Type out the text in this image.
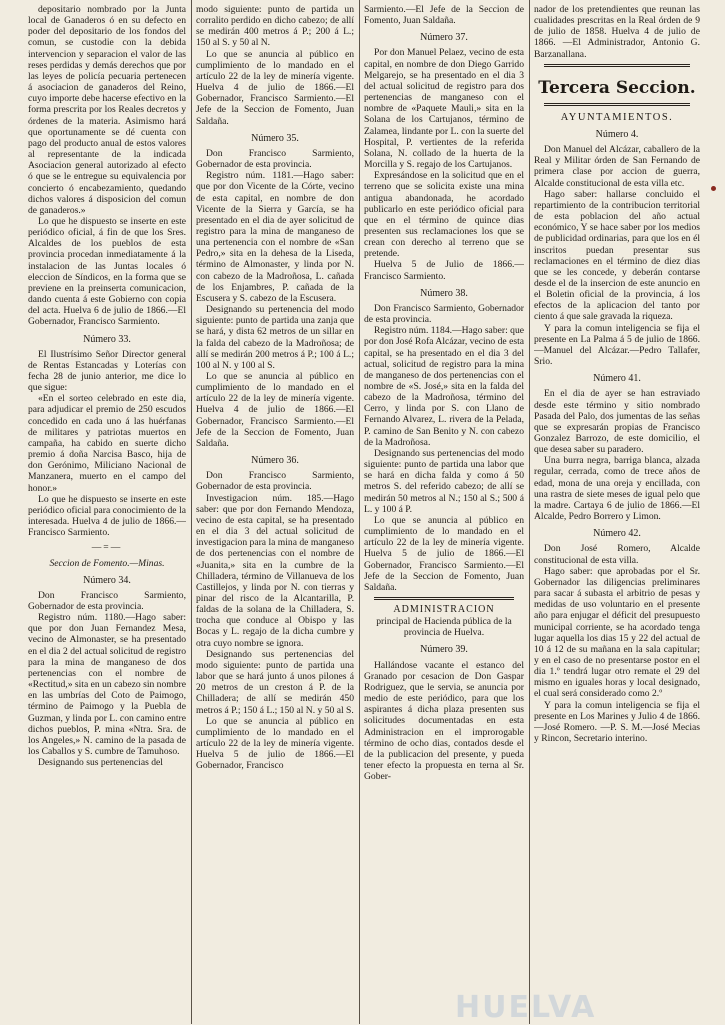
depositario nombrado por la Junta local de Ganaderos ó en su defecto en poder del depositario de los fondos del comun, se custodie con la debida intervencion y separacion el valor de las reses perdidas y demás derechos que por las leyes de policía pecuaria pertenecen á asociacion de ganaderos del Reino, cuyo importe debe hacerse efectivo en la forma prescrita por los Reales decretos y órdenes de la materia. Asimismo hará que oportunamente se dé cuenta con pago del producto anual de estos valores al representante de la indicada Asociacion general autorizado al efecto ó que se le entregue su equivalencia por concierto ó encabezamiento, quedando dichos valores á disposicion del comun de ganaderos.»

Lo que he dispuesto se inserte en este periódico oficial, á fin de que los Sres. Alcaldes de los pueblos de esta provincia procedan inmediatamente á la instalacion de las Juntas locales ó eleccion de Síndicos, en la forma que se previene en la preinserta comunicacion, dando cuenta á este Gobierno con copia del acta. Huelva 6 de julio de 1866.—El Gobernador, Francisco Sarmiento.

Número 33.

El Ilustrísimo Señor Director general de Rentas Estancadas y Loterías con fecha 28 de junio anterior, me dice lo que sigue:

«En el sorteo celebrado en este dia, para adjudicar el premio de 250 escudos concedido en cada uno á las huérfanas de militares y patriotas muertos en campaña, ha cabido en suerte dicho premio á doña Narcisa Basco, hija de don Gerónimo, Miliciano Nacional de Manzanera, muerto en el campo del honor.»

Lo que he dispuesto se inserte en este periódico oficial para conocimiento de la interesada. Huelva 4 de julio de 1866.—Francisco Sarmiento.

—=—

Seccion de Fomento.—Minas.

Número 34.

Don Francisco Sarmiento, Gobernador de esta provincia.

Registro núm. 1180.—Hago saber: que por don Juan Fernandez Mesa, vecino de Almonaster, se ha presentado en el dia 2 del actual solicitud de registro para la mina de manganeso de dos pertenencias con el nombre de «Rectitud,» sita en un cabezo sin nombre en las umbrías del Coto de Paimogo, término de Paimogo y la Puebla de Guzman, y linda por L. con camino entre dichos pueblos, P. mina «Ntra. Sra. de los Angeles,» N. camino de la pasada de los Caballos y S. cumbre de Tamuhoso.

Designando sus pertenencias del

modo siguiente: punto de partida un corralito perdido en dicho cabezo; de allí se medirán 400 metros á P.; 200 á L.; 150 al S. y 50 al N.

Lo que se anuncia al público en cumplimiento de lo mandado en el artículo 22 de la ley de minería vigente. Huelva 4 de julio de 1866.—El Gobernador, Francisco Sarmiento.—El Jefe de la Seccion de Fomento, Juan Saldaña.

Número 35.

Don Francisco Sarmiento, Gobernador de esta provincia.

Registro núm. 1181.—Hago saber: que por don Vicente de la Córte, vecino de esta capital, en nombre de don Vicente de la Sierra y García, se ha presentado en el dia de ayer solicitud de registro para la mina de manganeso de una pertenencia con el nombre de «San Pedro,» sita en la dehesa de la Liseda, término de Almonaster, y linda por N. con cabezo de la Madroñosa, L. cañada de los Enjambres, P. cañada de la Escusera y S. cabezo de la Escusera.

Designando su pertenencia del modo siguiente: punto de partida una zanja que se hará, y dista 62 metros de un sillar en la falda del cabezo de la Madroñosa; de allí se medirán 200 metros á P.; 100 á L.; 100 al N. y 100 al S.

Lo que se anuncia al público en cumplimiento de lo mandado en el artículo 22 de la ley de minería vigente. Huelva 4 de julio de 1866.—El Gobernador, Francisco Sarmiento.—El Jefe de la Seccion de Fomento, Juan Saldaña.

Número 36.

Don Francisco Sarmiento, Gobernador de esta provincia.

Investigacion núm. 185.—Hago saber: que por don Fernando Mendoza, vecino de esta capital, se ha presentado en el dia 3 del actual solicitud de investigacion para la mina de manganeso de dos pertenencias con el nombre de «Juanita,» sita en la cumbre de la Chilladera, término de Villanueva de los Castillejos, y linda por N. con tierras y pinar del risco de la Alcantarilla, P. faldas de la solana de la Chilladera, S. trocha que conduce al Obispo y las Bocas y L. regajo de la dicha cumbre y otra cuyo nombre se ignora.

Designando sus pertenencias del modo siguiente: punto de partida una labor que se hará junto á unos pilones á 20 metros de un creston á P. de la Chilladera; de allí se medirán 450 metros á P.; 150 á L.; 150 al N. y 50 al S.

Lo que se anuncia al público en cumplimiento de lo mandado en el artículo 22 de la ley de minería vigente. Huelva 5 de julio de 1866.—El Gobernador, Francisco

Sarmiento.—El Jefe de la Seccion de Fomento, Juan Saldaña.

Número 37.

Por don Manuel Pelaez, vecino de esta capital, en nombre de don Diego Garrido Melgarejo, se ha presentado en el dia 3 del actual solicitud de registro para dos pertenencias de manganeso con el nombre de «Paquete Mauli,» sita en la Solana de los Cartujanos, término de Zalamea, lindante por L. con la suerte del Hospital, P. vertientes de la referida Solana, N. collado de la huerta de la Morcilla y S. regajo de los Cartujanos.

Expresándose en la solicitud que en el terreno que se solicita existe una mina antigua abandonada, he acordado publicarlo en este periódico oficial para que en el término de quince dias presenten sus reclamaciones los que se crean con derecho al terreno que se pretende.

Huelva 5 de Julio de 1866.— Francisco Sarmiento.

Número 38.

Don Francisco Sarmiento, Gobernador de esta provincia.

Registro núm. 1184.—Hago saber: que por don José Rofa Alcázar, vecino de esta capital, se ha presentado en el dia 3 del actual, solicitud de registro para la mina de manganeso de dos pertenencias con el nombre de «S. José,» sita en la falda del cabezo de la Madroñosa, término del Cerro, y linda por S. con Llano de Fernando Alvarez, L. rivera de la Pelada, P. camino de San Benito y N. con cabezo de la Madroñosa.

Designando sus pertenencias del modo siguiente: punto de partida una labor que se hará en dicha falda y como á 50 metros S. del referido cabezo; de allí se medirán 50 metros al N.; 150 al S.; 500 á L. y 100 á P.

Lo que se anuncia al público en cumplimiento de lo mandado en el artículo 22 de la ley de minería vigente. Huelva 5 de julio de 1866.—El Gobernador, Francisco Sarmiento.—El Jefe de la Seccion de Fomento, Juan Saldaña.

ADMINISTRACION

principal de Hacienda pública de la provincia de Huelva.

Número 39.

Hallándose vacante el estanco del Granado por cesacion de Don Gaspar Rodriguez, que le servia, se anuncia por medio de este periódico, para que los aspirantes á dicha plaza presenten sus solicitudes documentadas en esta Administracion en el improrogable término de ocho dias, contados desde el de la publicacion del presente, y pueda tener efecto la propuesta en terna al Sr. Gober-

nador de los pretendientes que reunan las cualidades prescritas en la Real órden de 9 de julio de 1858. Huelva 4 de julio de 1866. —El Administrador, Antonio G. Barzanallana.

Tercera Seccion.

AYUNTAMIENTOS.

Número 4.

Don Manuel del Alcázar, caballero de la Real y Militar órden de San Fernando de primera clase por accion de guerra, Alcalde constitucional de esta villa etc.

Hago saber: hallarse concluido el repartimiento de la contribucion territorial de esta poblacion del año actual económico, Y se hace saber por los medios de publicidad ordinarias, para que los en él inscritos puedan presentar sus reclamaciones en el término de diez dias que se les concede, y deberán contarse desde el de la insercion de este anuncio en el Boletin oficial de la provincia, á los efectos de la aplicacion del tanto por ciento á que sale gravada la riqueza.

Y para la comun inteligencia se fija el presente en La Palma á 5 de julio de 1866.—Manuel del Alcázar.—Pedro Tallafer, Srio.

Número 41.

En el dia de ayer se han estraviado desde este término y sitio nombrado Pasada del Palo, dos jumentas de las señas que se expresarán propias de Francisco Gonzalez Barrozo, de este domicilio, el que desea saber su paradero.

Una burra negra, barriga blanca, alzada regular, cerrada, como de trece años de edad, mona de una oreja y encillada, con una rastra de siete meses de igual pelo que la madre. Cartaya 6 de julio de 1866.—El Alcalde, Pedro Borrero y Limon.

Número 42.

Don José Romero, Alcalde constitucional de esta villa.

Hago saber: que aprobadas por el Sr. Gobernador las diligencias preliminares para sacar á subasta el arbitrio de pesas y medidas de uso voluntario en el presente año para enjugar el déficit del presupuesto municipal corriente, se ha acordado tenga lugar aquella los dias 15 y 22 del actual de 10 á 12 de su mañana en la sala capitular; y en el caso de no presentarse postor en el dia 1.º tendrá lugar otro remate el 29 del mismo en iguales horas y local designado, el cual será considerado como 2.º

Y para la comun inteligencia se fija el presente en Los Marines y Julio 4 de 1866.—José Romero. —P. S. M.—José Mecias y Rincon, Secretario interino.

HUELVA
